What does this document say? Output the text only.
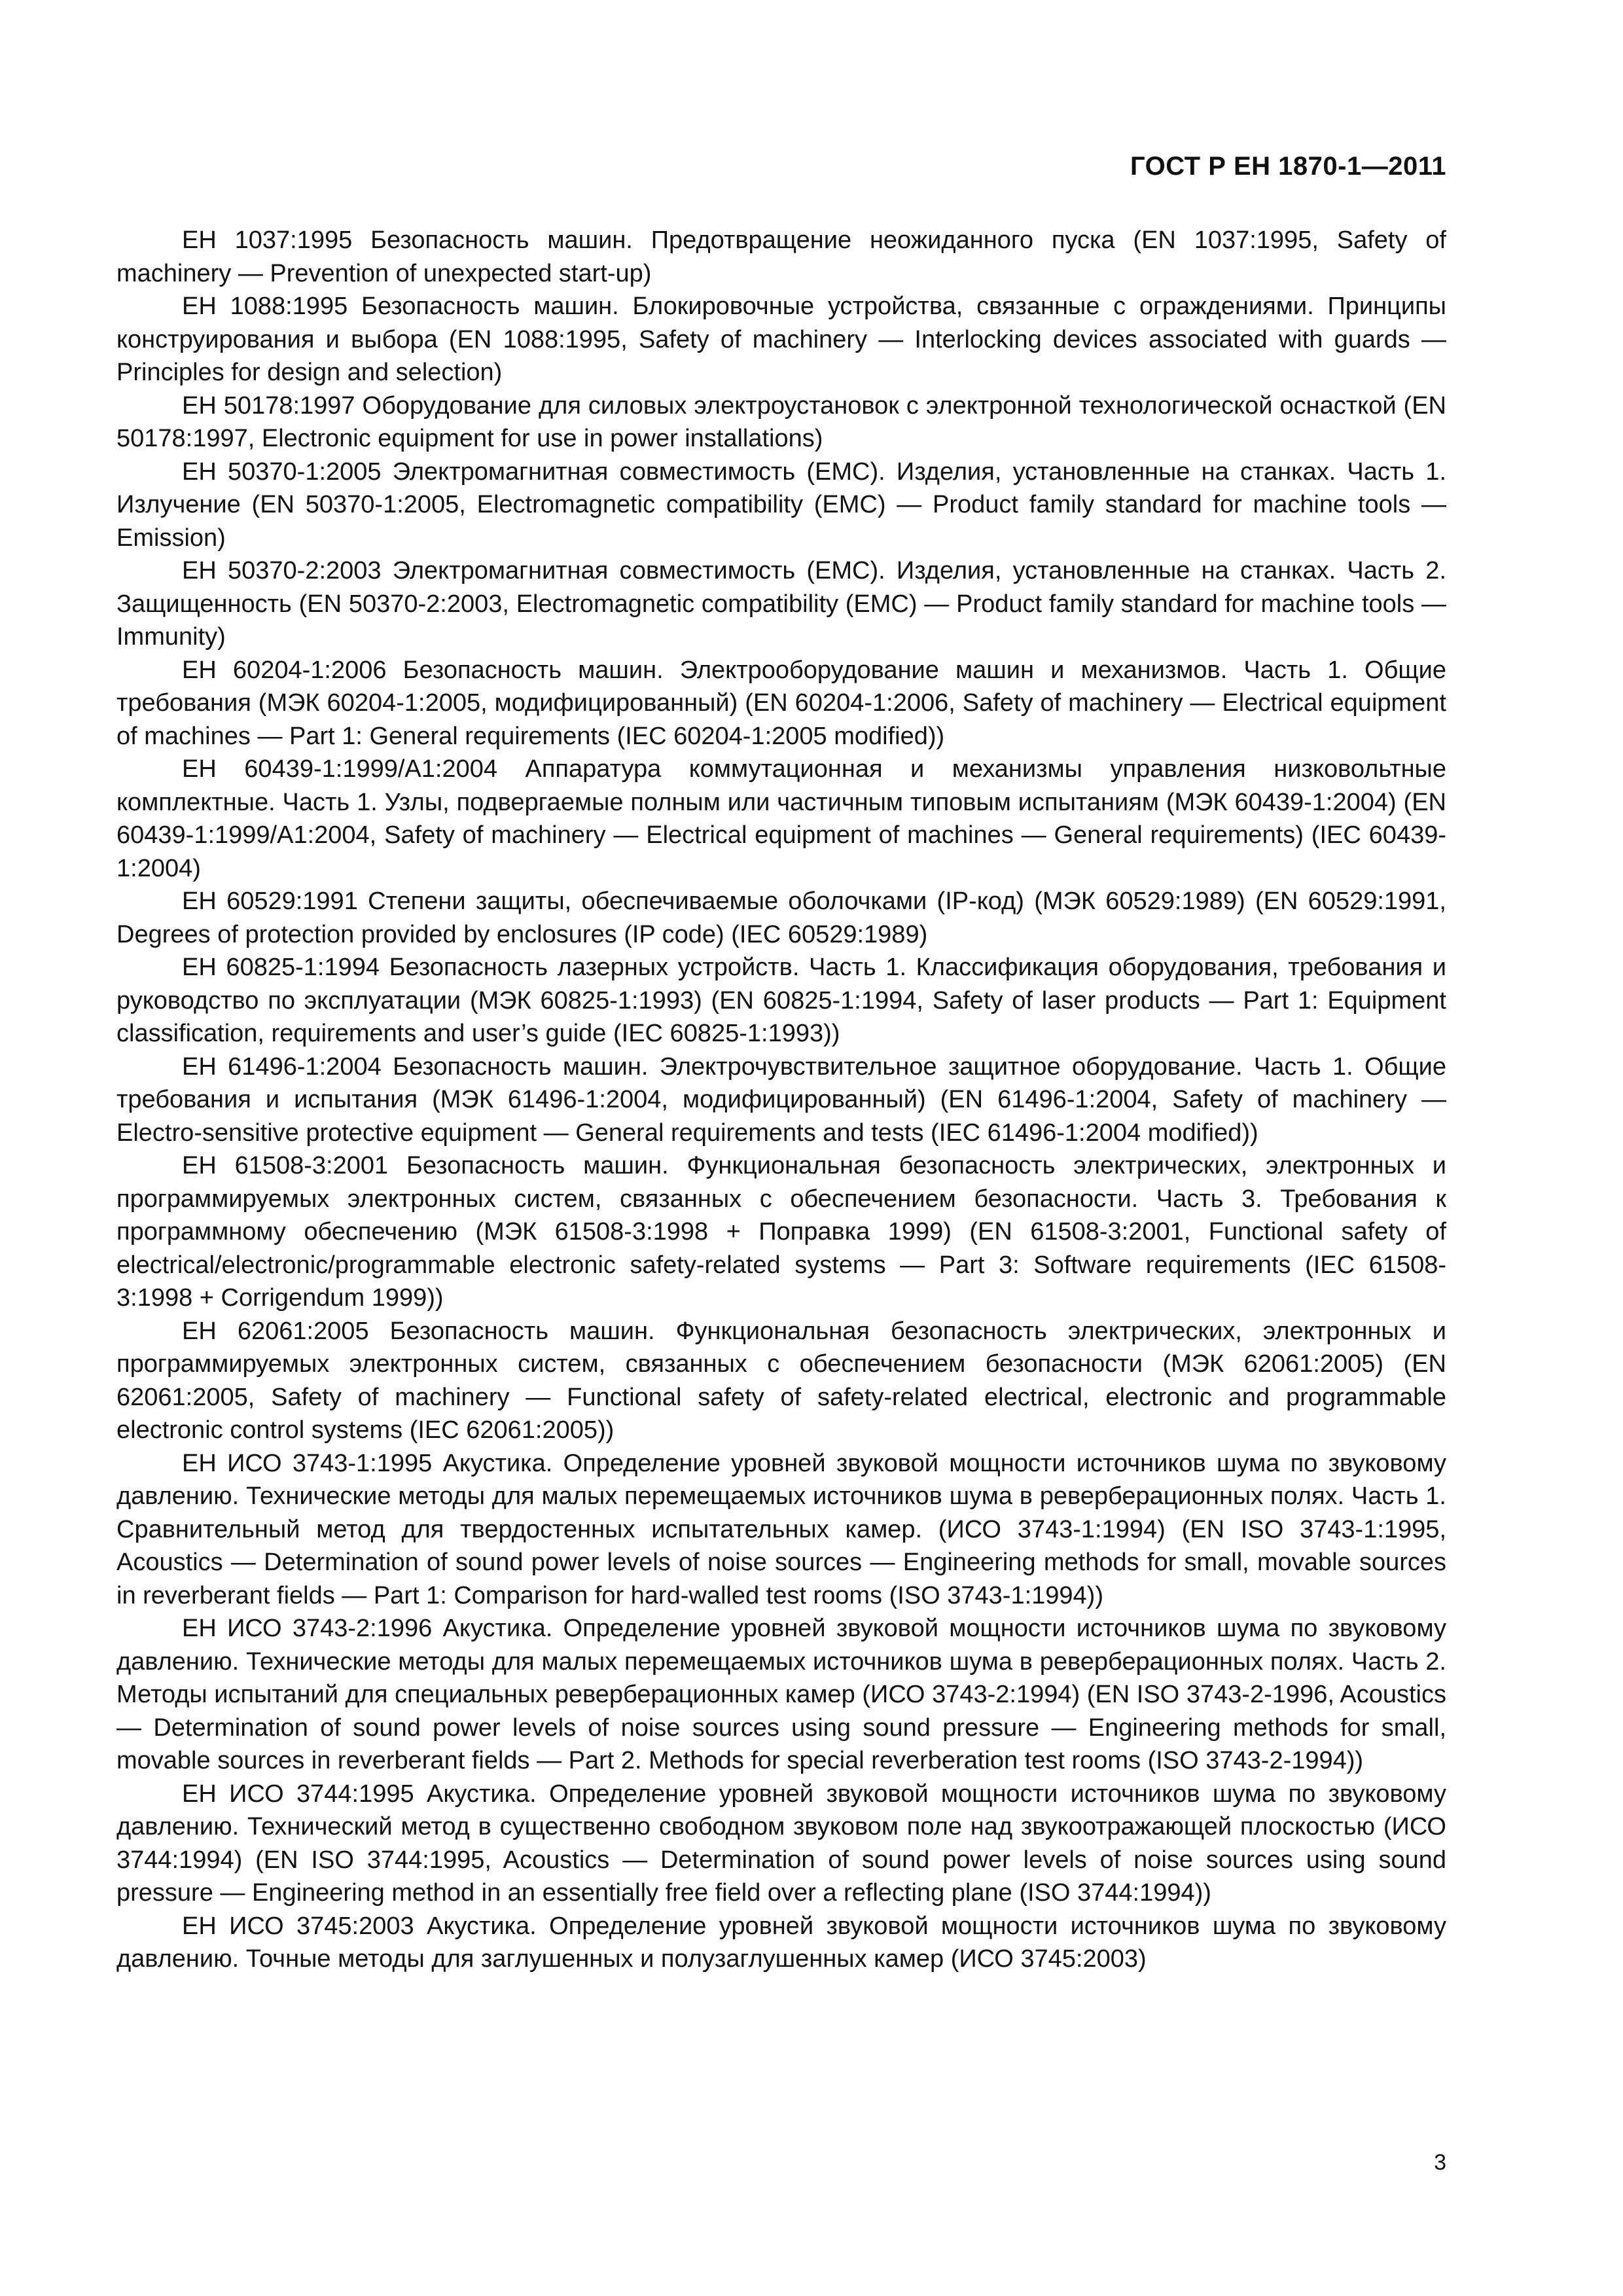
ГОСТ Р ЕН 1870-1—2011

ЕН 1037:1995 Безопасность машин. Предотвращение неожиданного пуска (EN 1037:1995, Safety of machinery — Prevention of unexpected start-up)

ЕН 1088:1995 Безопасность машин. Блокировочные устройства, связанные с ограждениями. Принципы конструирования и выбора (EN 1088:1995, Safety of machinery — Interlocking devices associated with guards — Principles for design and selection)

ЕН 50178:1997 Оборудование для силовых электроустановок с электронной технологической оснасткой (EN 50178:1997, Electronic equipment for use in power installations)

ЕН 50370-1:2005 Электромагнитная совместимость (ЕМС). Изделия, установленные на станках. Часть 1. Излучение (EN 50370-1:2005, Electromagnetic compatibility (EMC) — Product family standard for machine tools — Emission)

ЕН 50370-2:2003 Электромагнитная совместимость (ЕМС). Изделия, установленные на станках. Часть 2. Защищенность (EN 50370-2:2003, Electromagnetic compatibility (EMC) — Product family standard for machine tools — Immunity)

ЕН 60204-1:2006 Безопасность машин. Электрооборудование машин и механизмов. Часть 1. Общие требования (МЭК 60204-1:2005, модифицированный) (EN 60204-1:2006, Safety of machinery — Electrical equipment of machines — Part 1: General requirements (IEC 60204-1:2005 modified))

ЕН 60439-1:1999/А1:2004 Аппаратура коммутационная и механизмы управления низковольтные комплектные. Часть 1. Узлы, подвергаемые полным или частичным типовым испытаниям (МЭК 60439-1:2004) (EN 60439-1:1999/A1:2004, Safety of machinery — Electrical equipment of machines — General requirements) (IEC 60439-1:2004)

ЕН 60529:1991 Степени защиты, обеспечиваемые оболочками (IP-код) (МЭК 60529:1989) (EN 60529:1991, Degrees of protection provided by enclosures (IP code) (IEC 60529:1989)

ЕН 60825-1:1994 Безопасность лазерных устройств. Часть 1. Классификация оборудования, требования и руководство по эксплуатации (МЭК 60825-1:1993) (EN 60825-1:1994, Safety of laser products — Part 1: Equipment classification, requirements and user’s guide (IEC 60825-1:1993))

ЕН 61496-1:2004 Безопасность машин. Электрочувствительное защитное оборудование. Часть 1. Общие требования и испытания (МЭК 61496-1:2004, модифицированный) (EN 61496-1:2004, Safety of machinery — Electro-sensitive protective equipment — General requirements and tests (IEC 61496-1:2004 modified))

ЕН 61508-3:2001 Безопасность машин. Функциональная безопасность электрических, электронных и программируемых электронных систем, связанных с обеспечением безопасности. Часть 3. Требования к программному обеспечению (МЭК 61508-3:1998 + Поправка 1999) (EN 61508-3:2001, Functional safety of electrical/electronic/programmable electronic safety-related systems — Part 3: Software requirements (IEC 61508-3:1998 + Corrigendum 1999))

ЕН 62061:2005 Безопасность машин. Функциональная безопасность электрических, электронных и программируемых электронных систем, связанных с обеспечением безопасности (МЭК 62061:2005) (EN 62061:2005, Safety of machinery — Functional safety of safety-related electrical, electronic and programmable electronic control systems (IEC 62061:2005))

ЕН ИСО 3743-1:1995 Акустика. Определение уровней звуковой мощности источников шума по звуковому давлению. Технические методы для малых перемещаемых источников шума в реверберационных полях. Часть 1. Сравнительный метод для твердостенных испытательных камер. (ИСО 3743-1:1994) (EN ISO 3743-1:1995, Acoustics — Determination of sound power levels of noise sources — Engineering methods for small, movable sources in reverberant fields — Part 1: Comparison for hard-walled test rooms (ISO 3743-1:1994))

ЕН ИСО 3743-2:1996 Акустика. Определение уровней звуковой мощности источников шума по звуковому давлению. Технические методы для малых перемещаемых источников шума в реверберационных полях. Часть 2. Методы испытаний для специальных реверберационных камер (ИСО 3743-2:1994) (EN ISO 3743-2-1996, Acoustics — Determination of sound power levels of noise sources using sound pressure — Engineering methods for small, movable sources in reverberant fields — Part 2. Methods for special reverberation test rooms (ISO 3743-2-1994))

ЕН ИСО 3744:1995 Акустика. Определение уровней звуковой мощности источников шума по звуковому давлению. Технический метод в существенно свободном звуковом поле над звукоотражающей плоскостью (ИСО 3744:1994) (EN ISO 3744:1995, Acoustics — Determination of sound power levels of noise sources using sound pressure — Engineering method in an essentially free field over a reflecting plane (ISO 3744:1994))

ЕН ИСО 3745:2003 Акустика. Определение уровней звуковой мощности источников шума по звуковому давлению. Точные методы для заглушенных и полузаглушенных камер (ИСО 3745:2003)

3
